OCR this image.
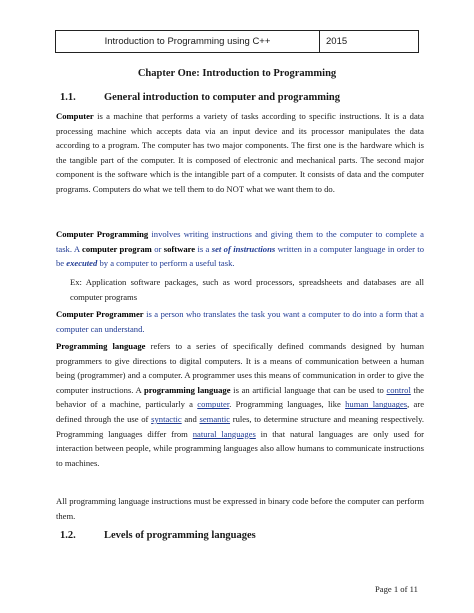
Introduction to Programming using C++	2015
Chapter One: Introduction to Programming
1.1.	General introduction to computer and programming

Computer is a machine that performs a variety of tasks according to specific instructions. It is a data processing machine which accepts data via an input device and its processor manipulates the data according to a program. The computer has two major components. The first one is the hardware which is the tangible part of the computer. It is composed of electronic and mechanical parts. The second major component is the software which is the intangible part of a computer. It consists of data and the computer programs. Computers do what we tell them to do NOT what we want them to do.

Computer Programming involves writing instructions and giving them to the computer to complete a task. A computer program or software is a set of instructions written in a computer language in order to be executed by a computer to perform a useful task.

Ex: Application software packages, such as word processors, spreadsheets and databases are all computer programs

Computer Programmer is a person who translates the task you want a computer to do into a form that a computer can understand.

Programming language refers to a series of specifically defined commands designed by human programmers to give directions to digital computers. It is a means of communication between a human being (programmer) and a computer. A programmer uses this means of communication in order to give the computer instructions. A programming language is an artificial language that can be used to control the behavior of a machine, particularly a computer. Programming languages, like human languages, are defined through the use of syntactic and semantic rules, to determine structure and meaning respectively. Programming languages differ from natural languages in that natural languages are only used for interaction between people, while programming languages also allow humans to communicate instructions to machines.

All programming language instructions must be expressed in binary code before the computer can perform them.

1.2.	Levels of programming languages
Page 1 of 11
